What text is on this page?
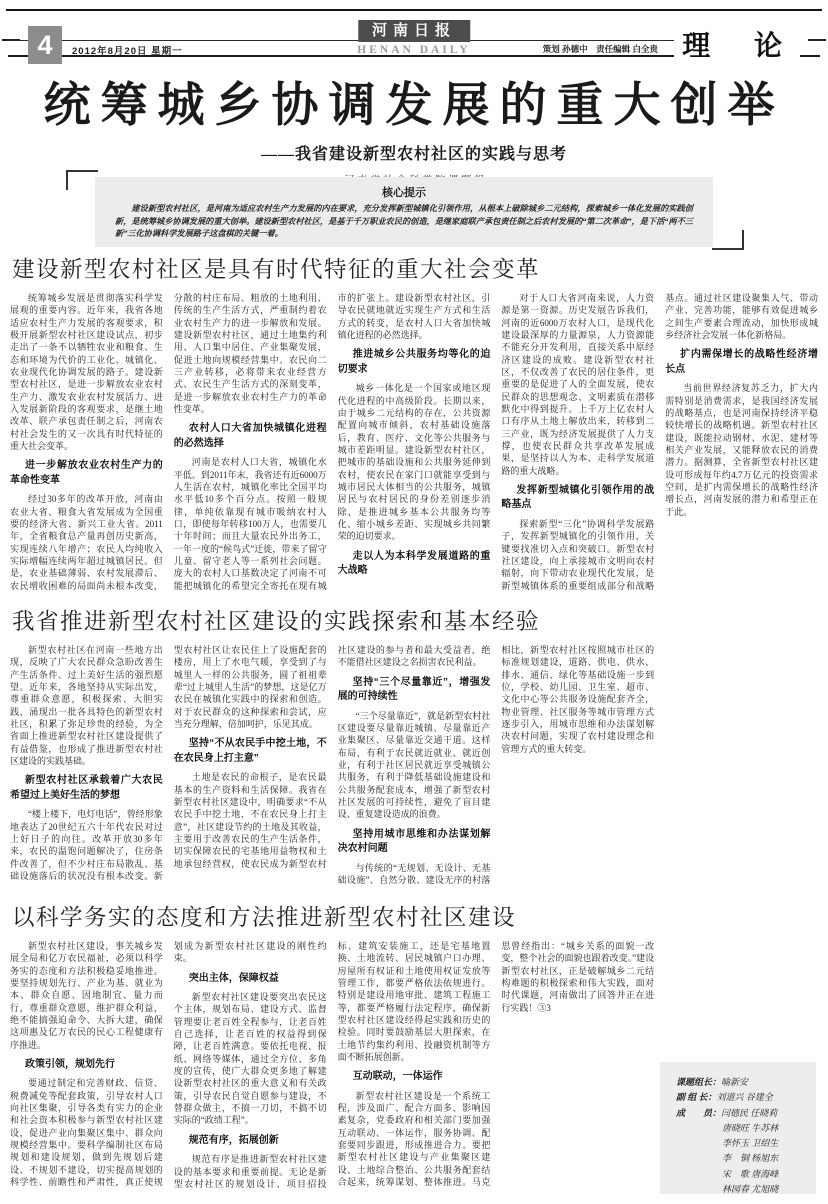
4	2012年8月20日 星期一
河南日报
HENAN DAILY	策划 孙德中　责任编辑 白全贵 理 论
统筹城乡协调发展的重大创举
——我省建设新型农村社区的实践与思考
核心提示

建设新型农村社区，是河南为适应农村生产力发展的内在要求，充分发挥新型城镇化引领作用，从根本上破除城乡二元结构，探索城乡一体化发展的实践创新，是统筹城乡协调发展的重大创举。建设新型农村社区，是基于千万职业农民的创造，是继家庭联产承包责任制之后农村发展的“第二次革命”，是下活“两不三新”三化协调科学发展路子这盘棋的关键一着。

建设新型农村社区是具有时代特征的重大社会变革

统筹城乡发展是贯彻落实科学发展观的重要内容。近年来，我省各地适应农村生产力发展的客观要求，积极开展新型农村社区建设试点，初步走出了一条不以牺牲农业和粮食、生态和环境为代价的工业化、城镇化、农业现代化协调发展的路子。建设新型农村社区，是进一步解放农业农村生产力、激发农业农村发展活力、进入发展新阶段的客观要求，是继土地改革、联产承包责任制之后，河南农村社会发生的又一次具有时代特征的重大社会变革。

进一步解放农业农村生产力的革命性变革

经过30多年的改革开放，河南由农业大省、粮食大省发展成为全国重要的经济大省、新兴工业大省。2011年，全省粮食总产量再创历史新高，实现连续八年增产；农民人均纯收入实际增幅连续两年超过城镇居民。但是，农业基础薄弱、农村发展滞后、农民增收困难的局面尚未根本改变，分散的村庄布局、粗放的土地利用、传统的生产生活方式，严重制约着农业农村生产力的进一步解放和发展。建设新型农村社区，通过土地集约利用、人口集中居住、产业集聚发展，促进土地向规模经营集中、农民向二三产业转移，必将带来农业经营方式、农民生产生活方式的深刻变革，是进一步解放农业农村生产力的革命性变革。

农村人口大省加快城镇化进程的必然选择

河南是农村人口大省，城镇化水平低。到2011年末，我省还有近6000万人生活在农村，城镇化率比全国平均水平低10多个百分点。按照一般规律，单纯依靠现有城市吸纳农村人口，即使每年转移100万人，也需要几十年时间；而且大量农民外出务工，一年一度的“候鸟式”迁徙，带来了留守儿童、留守老人等一系列社会问题。庞大的农村人口基数决定了河南不可能把城镇化的希望完全寄托在现有城市的扩张上。建设新型农村社区，引导农民就地就近实现生产方式和生活方式的转变，是农村人口大省加快城镇化进程的必然选择。

推进城乡公共服务均等化的迫切要求

城乡一体化是一个国家或地区现代化进程的中高级阶段。长期以来，由于城乡二元结构的存在，公共资源配置向城市倾斜，农村基础设施落后，教育、医疗、文化等公共服务与城市差距明显。建设新型农村社区，把城市的基础设施和公共服务延伸到农村，使农民在家门口就能享受到与城市居民大体相当的公共服务，城镇居民与农村居民的身份差别逐步消除，是推进城乡基本公共服务均等化、缩小城乡差距、实现城乡共同繁荣的迫切要求。

走以人为本科学发展道路的重大战略

对于人口大省河南来说，人力资源是第一资源。历史发展告诉我们，河南的近6000万农村人口，是现代化建设最深厚的力量源泉，人力资源能不能充分开发利用，直接关系中原经济区建设的成败。建设新型农村社区，不仅改善了农民的居住条件，更重要的是促进了人的全面发展，使农民群众的思想观念、文明素质在潜移默化中得到提升。上千万上亿农村人口有序从土地上解放出来，转移到二三产业，既为经济发展提供了人力支撑，也使农民群众共享改革发展成果，是坚持以人为本、走科学发展道路的重大战略。

发挥新型城镇化引领作用的战略基点

探索新型“三化”协调科学发展路子，发挥新型城镇化的引领作用，关键要找准切入点和突破口。新型农村社区建设，向上承接城市文明向农村辐射，向下带动农业现代化发展，是新型城镇体系的重要组成部分和战略基点。通过社区建设聚集人气、带动产业、完善功能，能够有效促进城乡之间生产要素合理流动，加快形成城乡经济社会发展一体化新格局。

扩内需保增长的战略性经济增长点

当前世界经济复苏乏力，扩大内需特别是消费需求，是我国经济发展的战略基点，也是河南保持经济平稳较快增长的战略机遇。新型农村社区建设，既能拉动钢材、水泥、建材等相关产业发展，又能释放农民的消费潜力。据测算，全省新型农村社区建设可形成每年约4.7万亿元的投资需求空间，是扩内需保增长的战略性经济增长点，河南发展的潜力和希望正在于此。

我省推进新型农村社区建设的实践探索和基本经验

新型农村社区在河南一些地方出现，反映了广大农民群众急盼改善生产生活条件、过上美好生活的强烈愿望。近年来，各地坚持从实际出发，尊重群众意愿，积极探索、大胆实践，涌现出一批各具特色的新型农村社区，积累了弥足珍贵的经验，为全省面上推进新型农村社区建设提供了有益借鉴，也形成了推进新型农村社区建设的实践基础。

新型农村社区承载着广大农民希望过上美好生活的梦想

“楼上楼下，电灯电话”，曾经形象地表达了20世纪五六十年代农民对过上好日子的向往。改革开放30多年来，农民的温饱问题解决了，住房条件改善了，但不少村庄布局散乱、基础设施落后的状况没有根本改变。新型农村社区让农民住上了设施配套的楼房，用上了水电气暖，享受到了与城里人一样的公共服务，圆了祖祖辈辈“过上城里人生活”的梦想，这是亿万农民在城镇化实践中的探索和创造。对于农民群众的这种探索和尝试，应当充分理解，倍加呵护，乐见其成。

坚持“不从农民手中挖土地，不在农民身上打主意”

土地是农民的命根子，是农民最基本的生产资料和生活保障。我省在新型农村社区建设中，明确要求“不从农民手中挖土地，不在农民身上打主意”，社区建设节约的土地及其收益，主要用于改善农民的生产生活条件，切实保障农民的宅基地用益物权和土地承包经营权，使农民成为新型农村社区建设的参与者和最大受益者，绝不能借社区建设之名损害农民利益。

坚持“三个尽量靠近”，增强发展的可持续性

“三个尽量靠近”，就是新型农村社区建设要尽量靠近城镇、尽量靠近产业集聚区、尽量靠近交通干道。这样布局，有利于农民就近就业、就近创业，有利于社区居民就近享受城镇公共服务，有利于降低基础设施建设和公共服务配套成本，增强了新型农村社区发展的可持续性，避免了盲目建设、重复建设造成的浪费。

坚持用城市思维和办法谋划解决农村问题

与传统的“无规划、无设计、无基础设施”、自然分散、建设无序的村落相比，新型农村社区按照城市社区的标准规划建设，道路、供电、供水、排水、通信、绿化等基础设施一步到位，学校、幼儿园、卫生室、超市、文化中心等公共服务设施配套齐全，物业管理、社区服务等城市管理方式逐步引入，用城市思维和办法谋划解决农村问题，实现了农村建设理念和管理方式的重大转变。

以科学务实的态度和方法推进新型农村社区建设

新型农村社区建设，事关城乡发展全局和亿万农民福祉，必须以科学务实的态度和方法积极稳妥地推进。要坚持规划先行、产业为基、就业为本、群众自愿、因地制宜、量力而行，尊重群众意愿，维护群众利益，绝不能搞强迫命令、大拆大建，确保这项惠及亿万农民的民心工程健康有序推进。

政策引领，规划先行

要通过制定和完善财政、信贷、税费减免等配套政策，引导农村人口向社区集聚，引导各类有实力的企业和社会资本积极参与新型农村社区建设，促进产业向集聚区集中、群众向规模经营集中。要科学编制社区布局规划和建设规划，做到先规划后建设、不规划不建设，切实提高规划的科学性、前瞻性和严肃性，真正使规划成为新型农村社区建设的刚性约束。

突出主体，保障权益

新型农村社区建设要突出农民这个主体，规划布局、建设方式、监督管理要让老百姓全程参与，让老百姓自己选择，让老百姓的权益得到保障，让老百姓满意。要依托电视、报纸、网络等媒体，通过全方位、多角度的宣传，使广大群众更多地了解建设新型农村社区的重大意义和有关政策，引导农民自觉自愿参与建设，不替群众做主，不搞一刀切，不搞不切实际的“政绩工程”。

规范有序，拓展创新

规范有序是推进新型农村社区建设的基本要求和重要前提。无论是新型农村社区的规划设计、项目招投标、建筑安装施工，还是宅基地置换、土地流转、居民城镇户口办理、房屋所有权证和土地使用权证发放等管理工作，都要严格依法依规进行。特别是建设用地审批、建筑工程施工等，都要严格履行法定程序，确保新型农村社区建设经得起实践和历史的检验。同时要鼓励基层大胆探索，在土地节约集约利用、投融资机制等方面不断拓展创新。

互动联动，一体运作

新型农村社区建设是一个系统工程，涉及面广、配合方面多、影响因素复杂，党委政府和相关部门要加强互动联动、一体运作，服务协调、配套要同步跟进，形成推进合力。要把新型农村社区建设与产业集聚区建设、土地综合整治、公共服务配套结合起来，统筹谋划、整体推进。马克思曾经指出：“城乡关系的面貌一改变，整个社会的面貌也跟着改变。”建设新型农村社区，正是破解城乡二元结构难题的积极探索和伟大实践，面对时代课题，河南做出了回答并正在进行实践！③3

课题组长：喻新安
副 组 长：刘道兴 谷建全
成　　员：闫德民 任晓莉
唐晓旺 牛苏林
李怀玉 卫绍生
李　铜 杨旭东
宋　歌 唐海峰
林园春 尤旭晓
